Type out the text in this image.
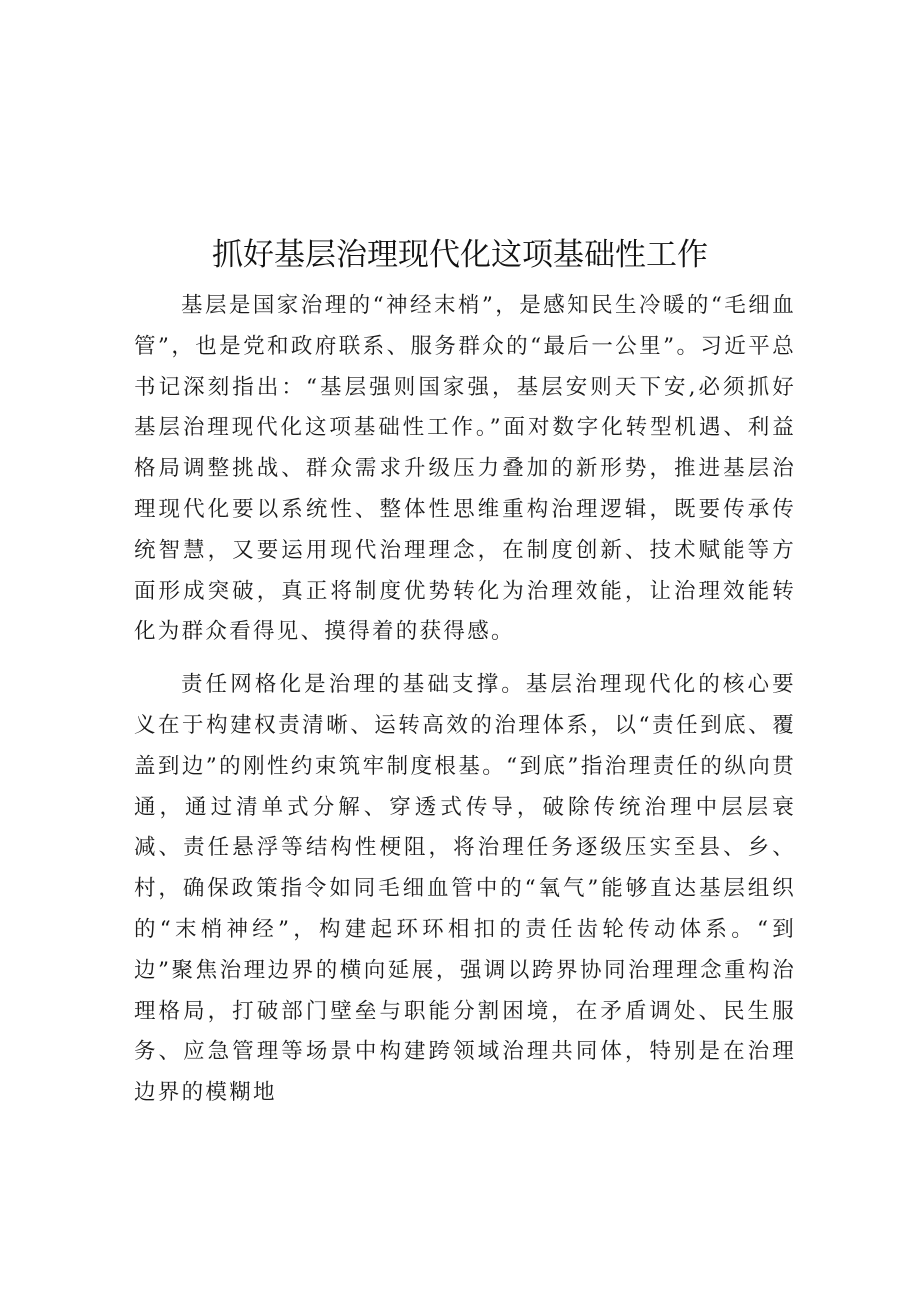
抓好基层治理现代化这项基础性工作

基层是国家治理的“神经末梢”，是感知民生冷暖的“毛细血管”，也是党和政府联系、服务群众的“最后一公里”。习近平总书记深刻指出：“基层强则国家强，基层安则天下安,必须抓好基层治理现代化这项基础性工作。”面对数字化转型机遇、利益格局调整挑战、群众需求升级压力叠加的新形势，推进基层治理现代化要以系统性、整体性思维重构治理逻辑，既要传承传统智慧，又要运用现代治理理念，在制度创新、技术赋能等方面形成突破，真正将制度优势转化为治理效能，让治理效能转化为群众看得见、摸得着的获得感。

责任网格化是治理的基础支撑。基层治理现代化的核心要义在于构建权责清晰、运转高效的治理体系，以“责任到底、覆盖到边”的刚性约束筑牢制度根基。“到底”指治理责任的纵向贯通，通过清单式分解、穿透式传导，破除传统治理中层层衰减、责任悬浮等结构性梗阻，将治理任务逐级压实至县、乡、村，确保政策指令如同毛细血管中的“氧气”能够直达基层组织的“末梢神经”，构建起环环相扣的责任齿轮传动体系。“到边”聚焦治理边界的横向延展，强调以跨界协同治理理念重构治理格局，打破部门壁垒与职能分割困境，在矛盾调处、民生服务、应急管理等场景中构建跨领域治理共同体，特别是在治理边界的模糊地
